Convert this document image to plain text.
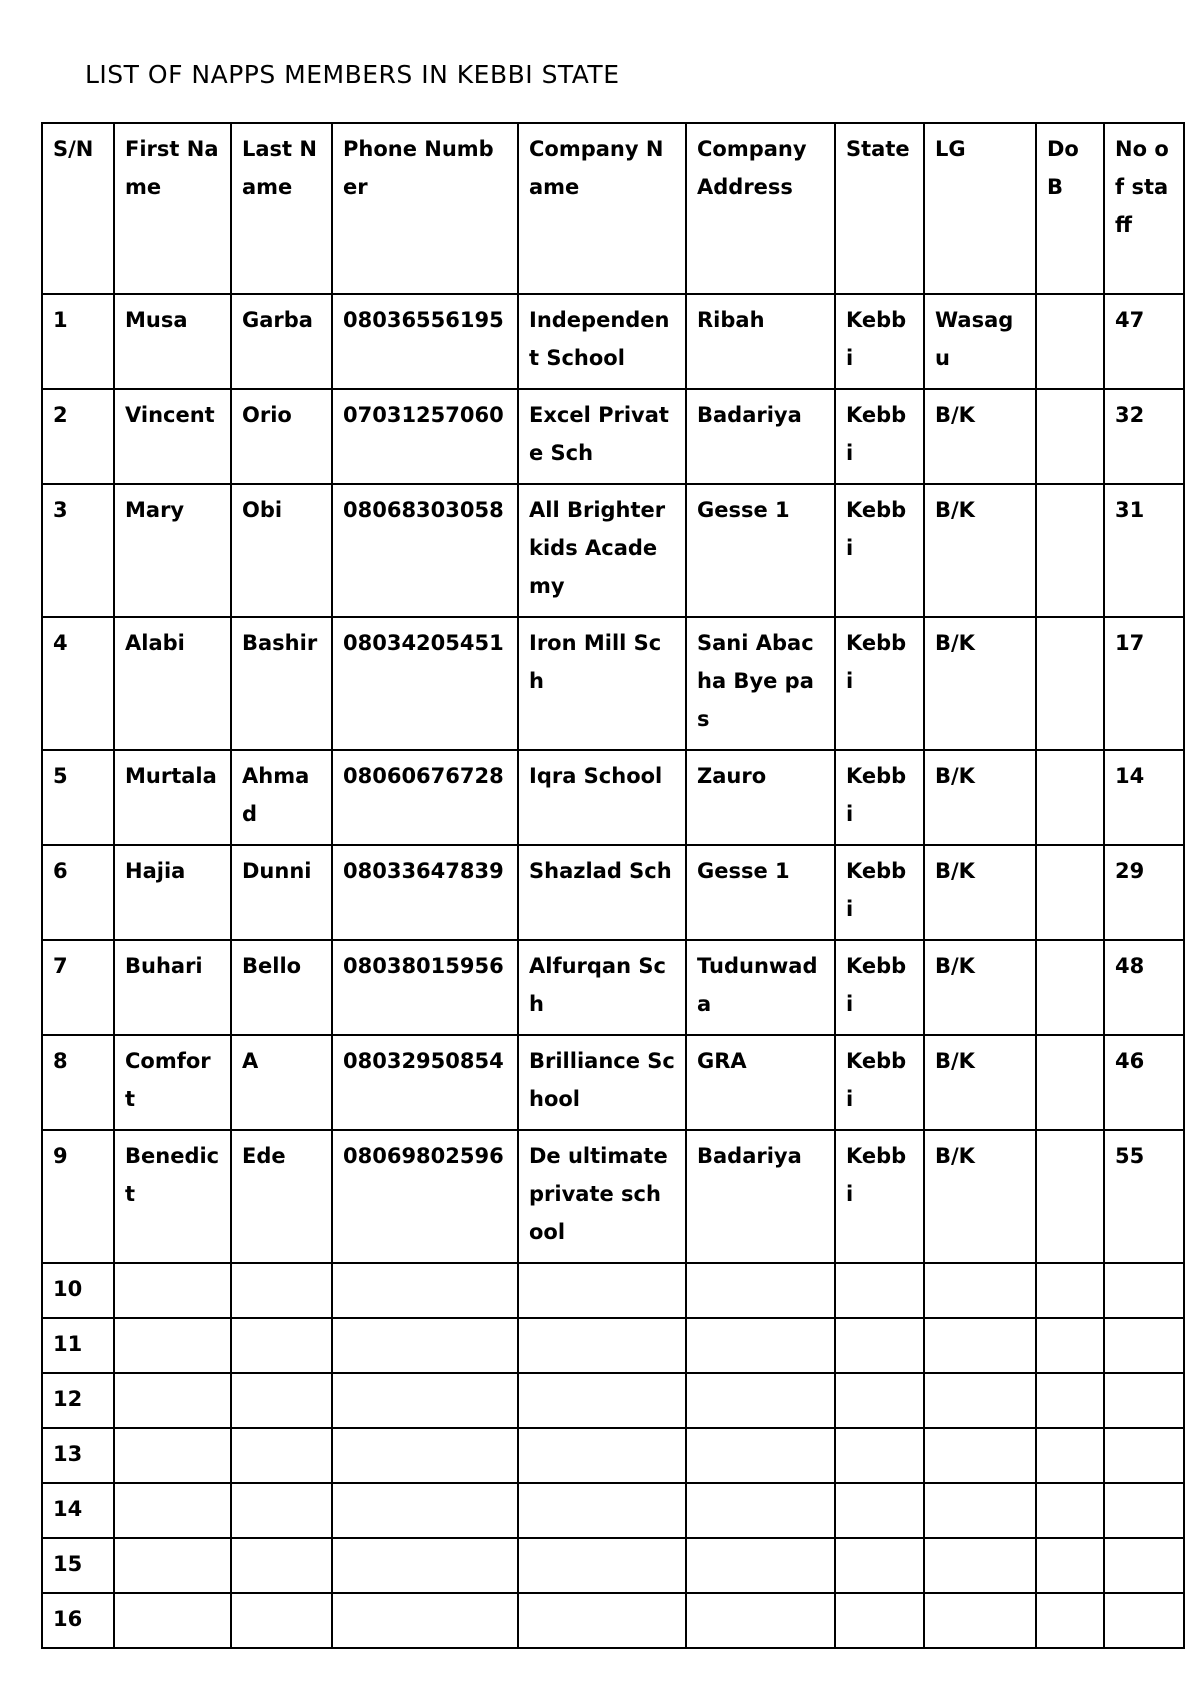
LIST OF NAPPS MEMBERS IN KEBBI STATE
S/N	First Name	Last Name	Phone Number	Company Name	Company Address	State	LG	DoB	No of staff
1	Musa	Garba	08036556195	Independent School	Ribah	Kebbi	Wasagu		47
2	Vincent	Orio	07031257060	Excel Private Sch	Badariya	Kebbi	B/K		32
3	Mary	Obi	08068303058	All Brighter kids Academy	Gesse 1	Kebbi	B/K		31
4	Alabi	Bashir	08034205451	Iron Mill Sch	Sani Abacha Bye pas	Kebbi	B/K		17
5	Murtala	Ahmad	08060676728	Iqra School	Zauro	Kebbi	B/K		14
6	Hajia	Dunni	08033647839	Shazlad Sch	Gesse 1	Kebbi	B/K		29
7	Buhari	Bello	08038015956	Alfurqan Sch	Tudunwada	Kebbi	B/K		48
8	Comfort	A	08032950854	Brilliance School	GRA	Kebbi	B/K		46
9	Benedict	Ede	08069802596	De ultimate private school	Badariya	Kebbi	B/K		55
10									
11									
12									
13									
14									
15									
16									
